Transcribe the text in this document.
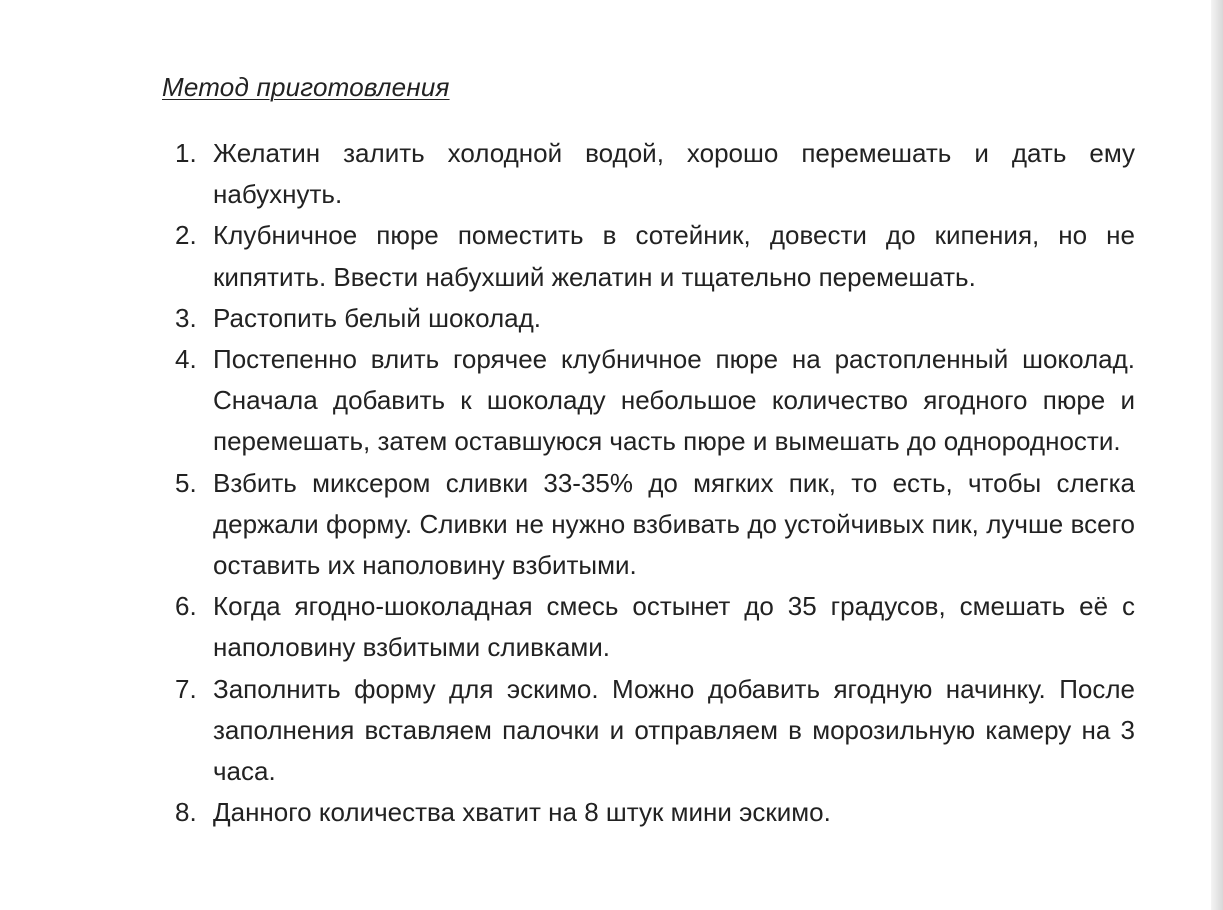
Метод приготовления
1. Желатин залить холодной водой, хорошо перемешать и дать ему набухнуть.
2. Клубничное пюре поместить в сотейник, довести до кипения, но не кипятить. Ввести набухший желатин и тщательно перемешать.
3. Растопить белый шоколад.
4. Постепенно влить горячее клубничное пюре на растопленный шоколад. Сначала добавить к шоколаду небольшое количество ягодного пюре и перемешать, затем оставшуюся часть пюре и вымешать до однородности.
5. Взбить миксером сливки 33-35% до мягких пик, то есть, чтобы слегка держали форму. Сливки не нужно взбивать до устойчивых пик, лучше всего оставить их наполовину взбитыми.
6. Когда ягодно-шоколадная смесь остынет до 35 градусов, смешать её с наполовину взбитыми сливками.
7. Заполнить форму для эскимо. Можно добавить ягодную начинку. После заполнения вставляем палочки и отправляем в морозильную камеру на 3 часа.
8. Данного количества хватит на 8 штук мини эскимо.
